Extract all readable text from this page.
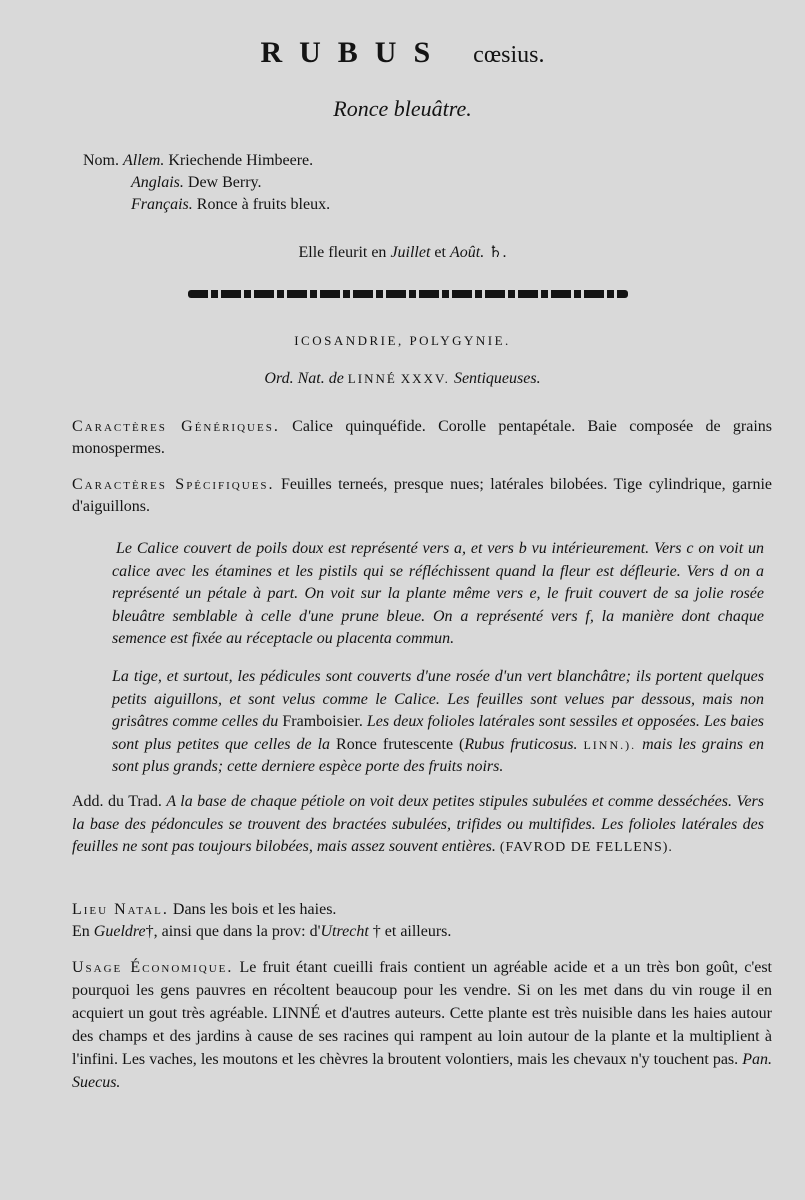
RUBUS cœsius.
Ronce bleuâtre.
Nom. Allem. Kriechende Himbeere.
Anglais. Dew Berry.
Français. Ronce à fruits bleux.
Elle fleurit en Juillet et Août. ♄.
ICOSANDRIE, POLYGYNIE.
Ord. Nat. de LINNÉ XXXV. Sentiqueuses.
Caractères Génériques. Calice quinquéfide. Corolle pentapétale. Baie composée de grains monospermes.
Caractères Spécifiques. Feuilles terneés, presque nues; latérales bilobées. Tige cylindrique, garnie d'aiguillons.
Le Calice couvert de poils doux est représenté vers a, et vers b vu intérieurement. Vers c on voit un calice avec les étamines et les pistils qui se réfléchissent quand la fleur est défleurie. Vers d on a représenté un pétale à part. On voit sur la plante même vers e, le fruit couvert de sa jolie rosée bleuâtre semblable à celle d'une prune bleue. On a représenté vers f, la manière dont chaque semence est fixée au réceptacle ou placenta commun.
La tige, et surtout, les pédicules sont couverts d'une rosée d'un vert blanchâtre; ils portent quelques petits aiguillons, et sont velus comme le Calice. Les feuilles sont velues par dessous, mais non grisâtres comme celles du Framboisier. Les deux folioles latérales sont sessiles et opposées. Les baies sont plus petites que celles de la Ronce frutescente (Rubus fruticosus. LINN.). mais les grains en sont plus grands; cette derniere espèce porte des fruits noirs.
Add. du Trad. A la base de chaque pétiole on voit deux petites stipules subulées et comme desséchées. Vers la base des pédoncules se trouvent des bractées subulées, trifides ou multifides. Les folioles latérales des feuilles ne sont pas toujours bilobées, mais assez souvent entières. (FAVROD DE FELLENS).
Lieu Natal. Dans les bois et les haies.
En Gueldre†, ainsi que dans la prov: d'Utrecht † et ailleurs.
Usage Économique. Le fruit étant cueilli frais contient un agréable acide et a un très bon goût, c'est pourquoi les gens pauvres en récoltent beaucoup pour les vendre. Si on les met dans du vin rouge il en acquiert un gout très agréable. LINNÉ et d'autres auteurs. Cette plante est très nuisible dans les haies autour des champs et des jardins à cause de ses racines qui rampent au loin autour de la plante et la multiplient à l'infini. Les vaches, les moutons et les chèvres la broutent volontiers, mais les chevaux n'y touchent pas. Pan. Suecus.
